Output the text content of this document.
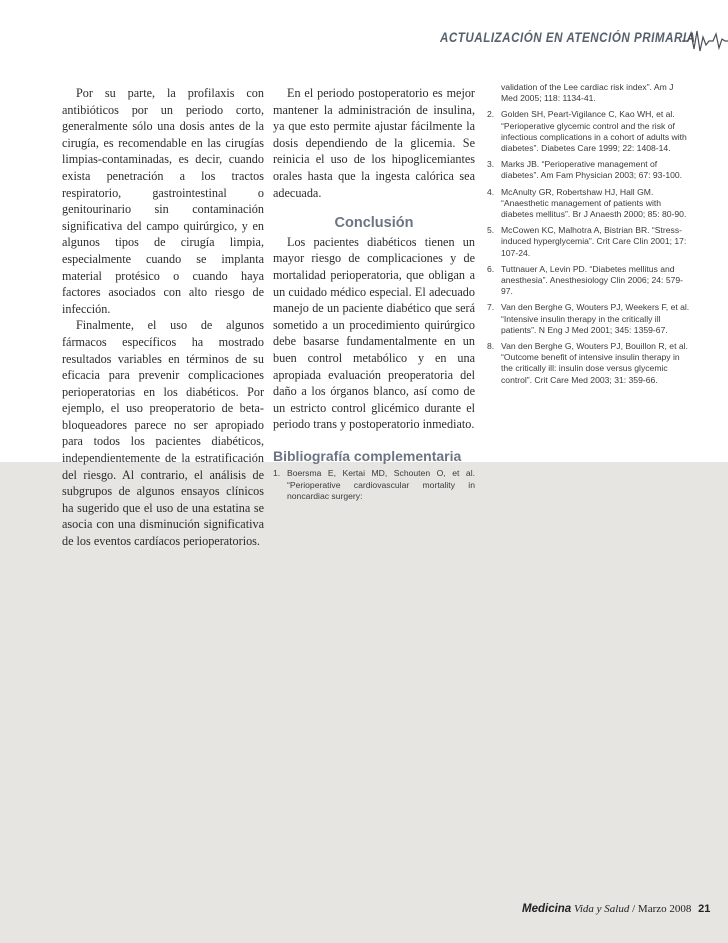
ACTUALIZACIÓN EN ATENCIÓN PRIMARIA

Por su parte, la profilaxis con antibióticos por un periodo corto, generalmente sólo una dosis antes de la cirugía, es recomendable en las cirugías limpias-contaminadas, es decir, cuando exista penetración a los tractos respiratorio, gastrointestinal o genitourinario sin contaminación significativa del campo quirúrgico, y en algunos tipos de cirugía limpia, especialmente cuando se implanta material protésico o cuando haya factores asociados con alto riesgo de infección.

Finalmente, el uso de algunos fármacos específicos ha mostrado resultados variables en términos de su eficacia para prevenir complicaciones perioperatorias en los diabéticos. Por ejemplo, el uso preoperatorio de beta-bloqueadores parece no ser apropiado para todos los pacientes diabéticos, independientemente de la estratificación del riesgo. Al contrario, el análisis de subgrupos de algunos ensayos clínicos ha sugerido que el uso de una estatina se asocia con una disminución significativa de los eventos cardíacos perioperatorios.

En el periodo postoperatorio es mejor mantener la administración de insulina, ya que esto permite ajustar fácilmente la dosis dependiendo de la glicemia. Se reinicia el uso de los hipoglicemiantes orales hasta que la ingesta calórica sea adecuada.

Conclusión

Los pacientes diabéticos tienen un mayor riesgo de complicaciones y de mortalidad perioperatoria, que obligan a un cuidado médico especial. El adecuado manejo de un paciente diabético que será sometido a un procedimiento quirúrgico debe basarse fundamentalmente en un buen control metabólico y en una apropiada evaluación preoperatoria del daño a los órganos blanco, así como de un estricto control glicémico durante el periodo trans y postoperatorio inmediato.

Bibliografía complementaria
1. Boersma E, Kertai MD, Schouten O, et al. “Perioperative cardiovascular mortality in noncardiac surgery:
validation of the Lee cardiac risk index”. Am J Med 2005; 118: 1134-41.
2. Golden SH, Peart-Vigilance C, Kao WH, et al. “Perioperative glycemic control and the risk of infectious complications in a cohort of adults with diabetes”. Diabetes Care 1999; 22: 1408-14.
3. Marks JB. “Perioperative management of diabetes”. Am Fam Physician 2003; 67: 93-100.
4. McAnulty GR, Robertshaw HJ, Hall GM. “Anaesthetic management of patients with diabetes mellitus”. Br J Anaesth 2000; 85: 80-90.
5. McCowen KC, Malhotra A, Bistrian BR. “Stress-induced hyperglycemia”. Crit Care Clin 2001; 17: 107-24.
6. Tuttnauer A, Levin PD. “Diabetes mellitus and anesthesia”. Anesthesiology Clin 2006; 24: 579-97.
7. Van den Berghe G, Wouters PJ, Weekers F, et al. “Intensive insulin therapy in the critically ill patients”. N Eng J Med 2001; 345: 1359-67.
8. Van den Berghe G, Wouters PJ, Bouillon R, et al. “Outcome benefit of intensive insulin therapy in the critically ill: insulin dose versus glycemic control”. Crit Care Med 2003; 31: 359-66.
Medicina Vida y Salud / Marzo 2008 21
